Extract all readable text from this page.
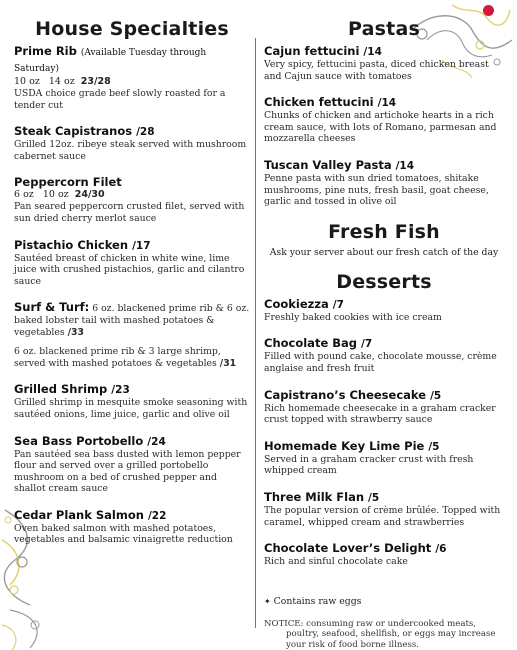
House Specialties
Prime Rib (Available Tuesday through Saturday)
10 oz   14 oz 23/28
USDA choice grade beef slowly roasted for a tender cut
Steak Capistranos /28
Grilled 12oz. ribeye steak served with mushroom cabernet sauce
Peppercorn Filet
6 oz   10 oz 24/30
Pan seared peppercorn crusted filet, served with sun dried cherry merlot sauce
Pistachio Chicken /17
Sautéed breast of chicken in white wine, lime juice with crushed pistachios, garlic and cilantro sauce
Surf & Turf: 6 oz. blackened prime rib & 6 oz. baked lobster tail with mashed potatoes & vegetables /33
6 oz. blackened prime rib & 3 large shrimp, served with mashed potatoes & vegetables /31
Grilled Shrimp /23
Grilled shrimp in mesquite smoke seasoning with sautéed onions, lime juice, garlic and olive oil
Sea Bass Portobello /24
Pan sautéed sea bass dusted with lemon pepper flour and served over a grilled portobello mushroom on a bed of crushed pepper and shallot cream sauce
Cedar Plank Salmon /22
Oven baked salmon with mashed potatoes, vegetables and balsamic vinaigrette reduction
Pastas
Cajun fettucini /14
Very spicy, fettucini pasta, diced chicken breast and Cajun sauce with tomatoes
Chicken fettucini /14
Chunks of chicken and artichoke hearts in a rich cream sauce, with lots of Romano, parmesan and mozzarella cheeses
Tuscan Valley Pasta /14
Penne pasta with sun dried tomatoes, shitake mushrooms, pine nuts, fresh basil, goat cheese, garlic and tossed in olive oil
Fresh Fish
Ask your server about our fresh catch of the day
Desserts
Cookiezza /7
Freshly baked cookies with ice cream
Chocolate Bag /7
Filled with pound cake, chocolate mousse, crème anglaise and fresh fruit
Capistrano’s Cheesecake /5
Rich homemade cheesecake in a graham cracker crust topped with strawberry sauce
Homemade Key Lime Pie /5
Served in a graham cracker crust with fresh whipped cream
Three Milk Flan /5
The popular version of crème brûlée. Topped with caramel, whipped cream and strawberries
Chocolate Lover’s Delight /6
Rich and sinful chocolate cake
✦ Contains raw eggs
NOTICE: consuming raw or undercooked meats,
poultry, seafood, shellfish, or eggs may increase your risk of food borne illness.
